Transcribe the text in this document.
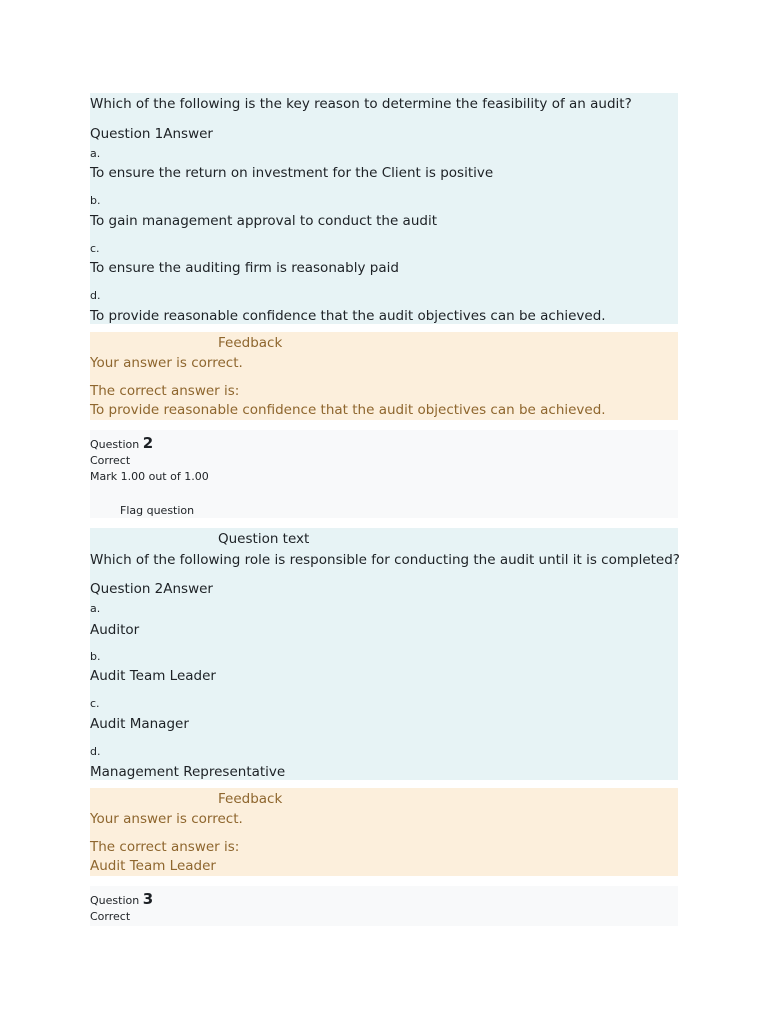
Which of the following is the key reason to determine the feasibility of an audit?
Question 1Answer
a.
To ensure the return on investment for the Client is positive
b.
To gain management approval to conduct the audit
c.
To ensure the auditing firm is reasonably paid
d.
To provide reasonable confidence that the audit objectives can be achieved.
Feedback
Your answer is correct.
The correct answer is:
To provide reasonable confidence that the audit objectives can be achieved.
Question 2
Correct
Mark 1.00 out of 1.00
Flag question
Question text
Which of the following role is responsible for conducting the audit until it is completed?
Question 2Answer
a.
Auditor
b.
Audit Team Leader
c.
Audit Manager
d.
Management Representative
Feedback
Your answer is correct.
The correct answer is:
Audit Team Leader
Question 3
Correct
